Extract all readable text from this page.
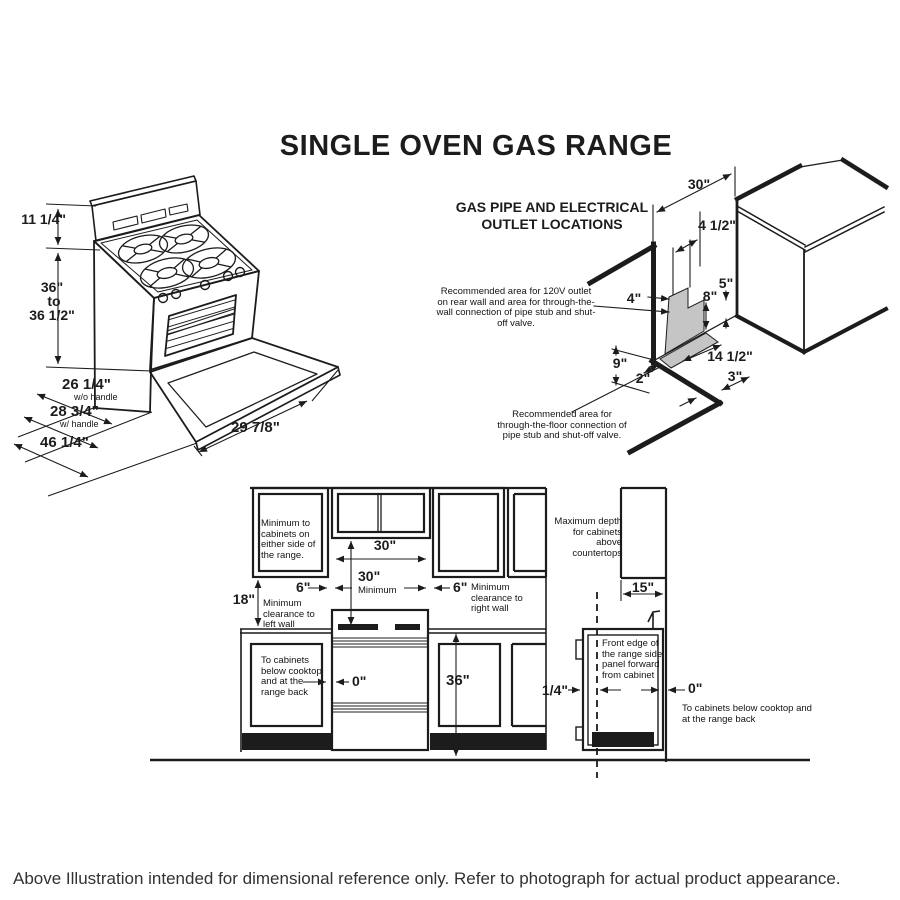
SINGLE OVEN GAS RANGE
11 1/4"
36"
to
36 1/2"
26 1/4"
w/o handle
28 3/4"
w/ handle
46 1/4"
29 7/8"
GAS PIPE AND ELECTRICAL
OUTLET LOCATIONS
30"
4 1/2"
5"
4"	8"
9"
2"
14 1/2"
3"
Recommended area for 120V outlet on rear wall and area for through-the-wall connection of pipe stub and shut-off valve.
Recommended area for through-the-floor connection of pipe stub and shut-off valve.
Minimum to cabinets on either side of the range.
30"
30"
Minimum
6"	6" Minimum clearance to right wall
18" Minimum clearance to left wall
To cabinets below cooktop and at the range back
0"	36"
Maximum depth for cabinets above countertops
15"
Front edge of the range side panel forward from cabinet
1/4"	0"
To cabinets below cooktop and at the range back
Above Illustration intended for dimensional reference only. Refer to photograph for actual product appearance.
